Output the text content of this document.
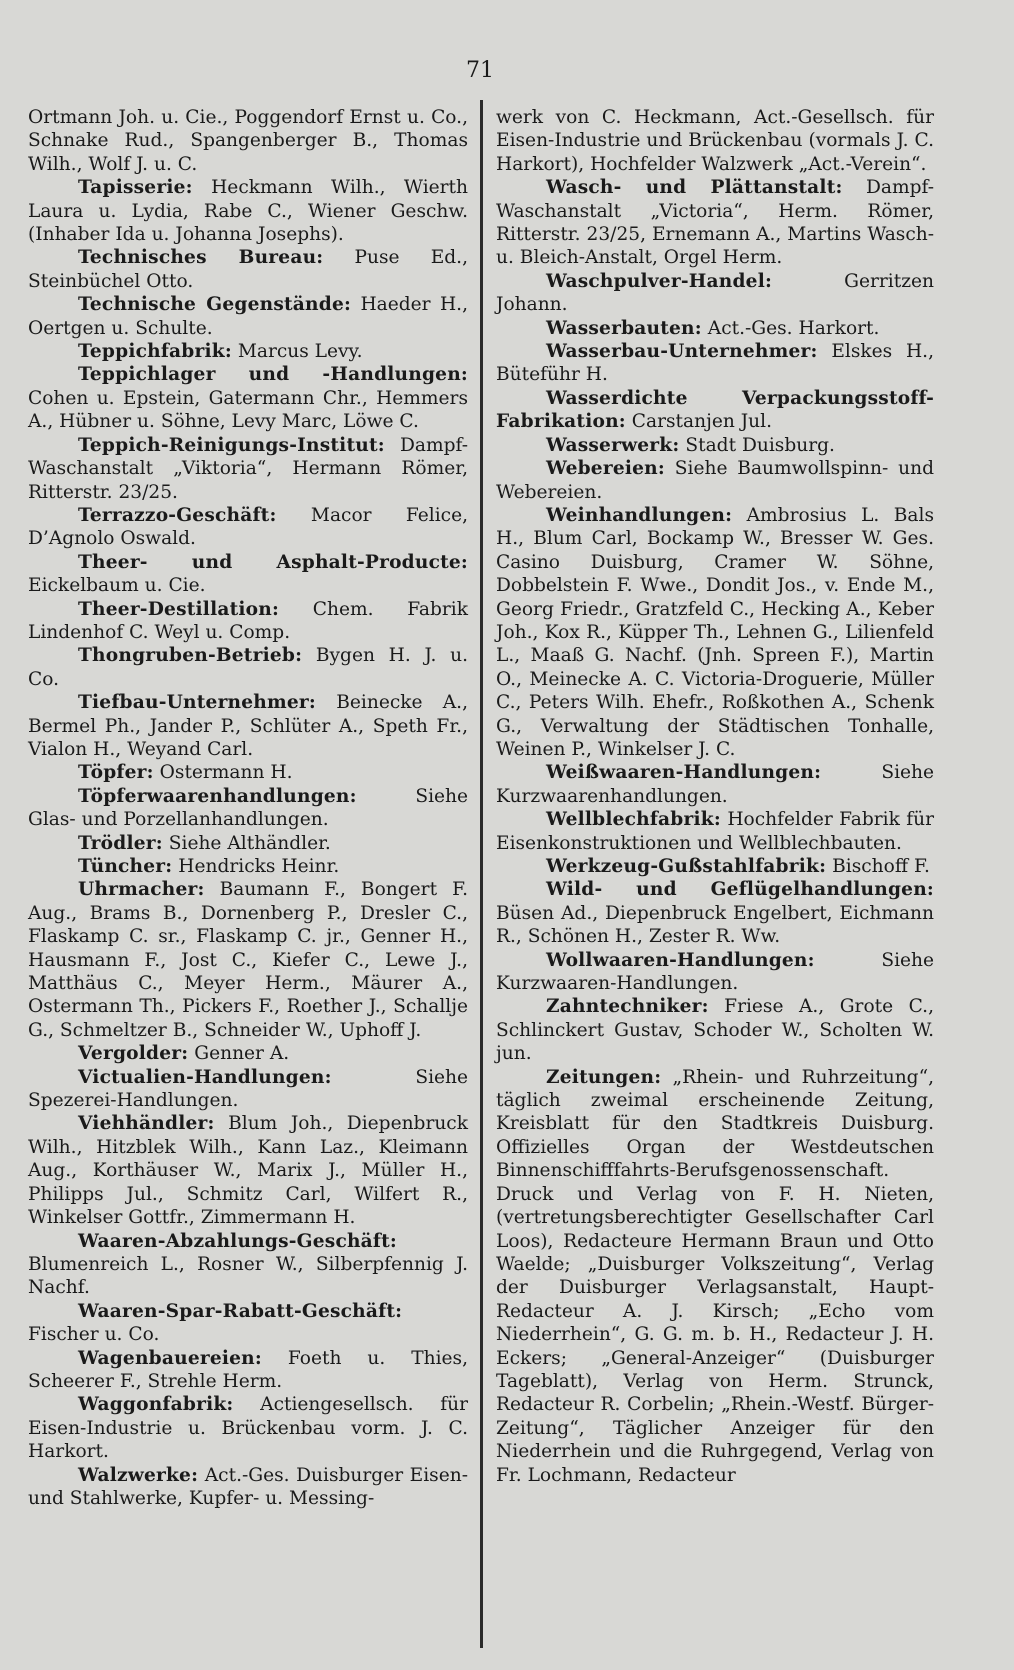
71

Ortmann Joh. u. Cie., Poggendorf Ernst u. Co., Schnake Rud., Spangenberger B., Thomas Wilh., Wolf J. u. C.

Tapisserie: Heckmann Wilh., Wierth Laura u. Lydia, Rabe C., Wiener Geschw. (Inhaber Ida u. Johanna Josephs).

Technisches Bureau: Puse Ed., Steinbüchel Otto.

Technische Gegenstände: Haeder H., Oertgen u. Schulte.

Teppichfabrik: Marcus Levy.

Teppichlager und -Handlungen: Cohen u. Epstein, Gatermann Chr., Hemmers A., Hübner u. Söhne, Levy Marc, Löwe C.

Teppich-Reinigungs-Institut: Dampf-Waschanstalt „Viktoria“, Hermann Römer, Ritterstr. 23/25.

Terrazzo-Geschäft: Macor Felice, D’Agnolo Oswald.

Theer- und Asphalt-Producte: Eickelbaum u. Cie.

Theer-Destillation: Chem. Fabrik Lindenhof C. Weyl u. Comp.

Thongruben-Betrieb: Bygen H. J. u. Co.

Tiefbau-Unternehmer: Beinecke A., Bermel Ph., Jander P., Schlüter A., Speth Fr., Vialon H., Weyand Carl.

Töpfer: Ostermann H.

Töpferwaarenhandlungen:	Siehe Glas- und Porzellanhandlungen.

Trödler: Siehe Althändler.

Tüncher: Hendricks Heinr.

Uhrmacher: Baumann F., Bongert F. Aug., Brams B., Dornenberg P., Dresler C., Flaskamp C. sr., Flaskamp C. jr., Genner H., Hausmann F., Jost C., Kiefer C., Lewe J., Matthäus C., Meyer Herm., Mäurer A., Ostermann Th., Pickers F., Roether J., Schallje G., Schmeltzer B., Schneider W., Uphoff J.

Vergolder: Genner A.

Victualien-Handlungen:	Siehe Spezerei-Handlungen.

Viehhändler: Blum Joh., Diepenbruck Wilh., Hitzblek Wilh., Kann Laz., Kleimann Aug., Korthäuser W., Marix J., Müller H., Philipps Jul., Schmitz Carl, Wilfert R., Winkelser Gottfr., Zimmermann H.

Waaren-Abzahlungs-Geschäft: Blumenreich L., Rosner W., Silberpfennig J. Nachf.

Waaren-Spar-Rabatt-Geschäft: Fischer u. Co.

Wagenbauereien: Foeth u. Thies, Scheerer F., Strehle Herm.

Waggonfabrik: Actiengesellsch. für Eisen-Industrie u. Brückenbau vorm. J. C. Harkort.

Walzwerke: Act.-Ges. Duisburger Eisen- und Stahlwerke, Kupfer- u. Messing-

werk von C. Heckmann, Act.-Gesellsch. für Eisen-Industrie und Brückenbau (vormals J. C. Harkort), Hochfelder Walzwerk „Act.-Verein“.

Wasch- und Plättanstalt: Dampf-Waschanstalt „Victoria“, Herm. Römer, Ritterstr. 23/25, Ernemann A., Martins Wasch- u. Bleich-Anstalt, Orgel Herm.

Waschpulver-Handel:	Gerritzen Johann.

Wasserbauten: Act.-Ges. Harkort.

Wasserbau-Unternehmer: Elskes H., Büteführ H.

Wasserdichte Verpackungsstoff-Fabrikation: Carstanjen Jul.

Wasserwerk: Stadt Duisburg.

Webereien: Siehe Baumwollspinn- und Webereien.

Weinhandlungen: Ambrosius L. Bals H., Blum Carl, Bockamp W., Bresser W. Ges. Casino Duisburg, Cramer W. Söhne, Dobbelstein F. Wwe., Dondit Jos., v. Ende M., Georg Friedr., Gratzfeld C., Hecking A., Keber Joh., Kox R., Küpper Th., Lehnen G., Lilienfeld L., Maaß G. Nachf. (Jnh. Spreen F.), Martin O., Meinecke A. C. Victoria-Droguerie, Müller C., Peters Wilh. Ehefr., Roßkothen A., Schenk G., Verwaltung der Städtischen Tonhalle, Weinen P., Winkelser J. C.

Weißwaaren-Handlungen:	Siehe Kurzwaarenhandlungen.

Wellblechfabrik: Hochfelder Fabrik für Eisenkonstruktionen und Wellblechbauten.

Werkzeug-Gußstahlfabrik: Bischoff F.

Wild- und Geflügelhandlungen: Büsen Ad., Diepenbruck Engelbert, Eichmann R., Schönen H., Zester R. Ww.

Wollwaaren-Handlungen:	Siehe Kurzwaaren-Handlungen.

Zahntechniker: Friese A., Grote C., Schlinckert Gustav, Schoder W., Scholten W. jun.

Zeitungen: „Rhein- und Ruhrzeitung“, täglich zweimal erscheinende Zeitung, Kreisblatt für den Stadtkreis Duisburg. Offizielles Organ der Westdeutschen Binnenschifffahrts-Berufsgenossenschaft. Druck und Verlag von F. H. Nieten, (vertretungsberechtigter Gesellschafter Carl Loos), Redacteure Hermann Braun und Otto Waelde; „Duisburger Volkszeitung“, Verlag der Duisburger Verlagsanstalt, Haupt-Redacteur A. J. Kirsch; „Echo vom Niederrhein“, G. G. m. b. H., Redacteur J. H. Eckers; „General-Anzeiger“ (Duisburger Tageblatt), Verlag von Herm. Strunck, Redacteur R. Corbelin; „Rhein.-Westf. Bürger-Zeitung“, Täglicher Anzeiger für den Niederrhein und die Ruhrgegend, Verlag von Fr. Lochmann, Redacteur
